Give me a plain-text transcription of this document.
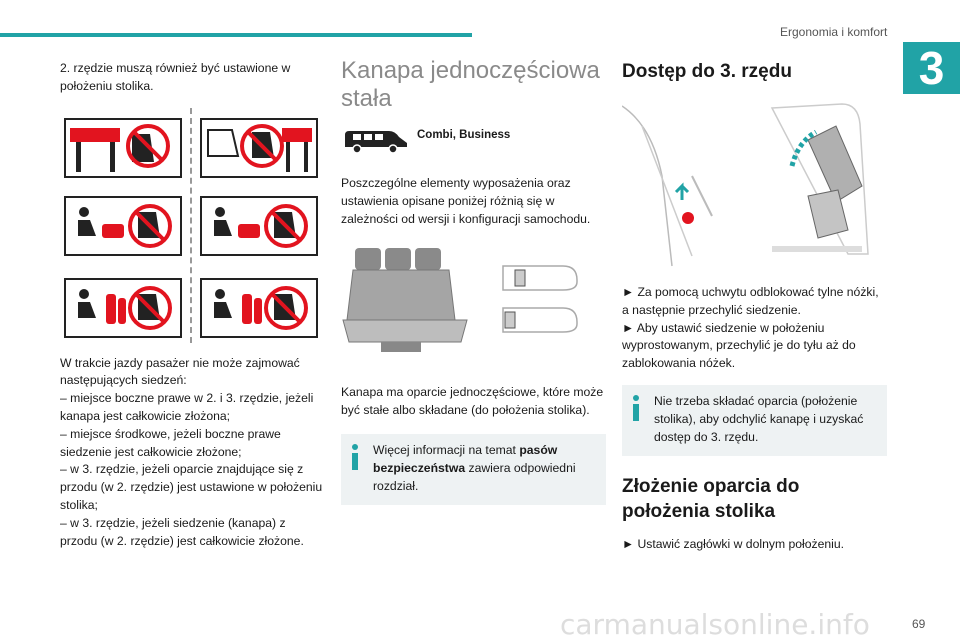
Ergonomia i komfort
3

2. rzędzie muszą również być ustawione w położeniu stolika.

W trakcie jazdy pasażer nie może zajmować następujących siedzeń:

– miejsce boczne prawe w 2. i 3. rzędzie, jeżeli kanapa jest całkowicie złożona;

– miejsce środkowe, jeżeli boczne prawe siedzenie jest całkowicie złożone;

– w 3. rzędzie, jeżeli oparcie znajdujące się z przodu (w 2. rzędzie) jest ustawione w położeniu stolika;

– w 3. rzędzie, jeżeli siedzenie (kanapa) z przodu (w 2. rzędzie) jest całkowicie złożone.

Kanapa jednoczęściowa stała
Combi, Business

Poszczególne elementy wyposażenia oraz ustawienia opisane poniżej różnią się w zależności od wersji i konfiguracji samochodu.

Kanapa ma oparcie jednoczęściowe, które może być stałe albo składane (do położenia stolika).

Więcej informacji na temat pasów bezpieczeństwa zawiera odpowiedni rozdział.
Dostęp do 3. rzędu

► Za pomocą uchwytu odblokować tylne nóżki, a następnie przechylić siedzenie.

► Aby ustawić siedzenie w położeniu wyprostowanym, przechylić je do tyłu aż do zablokowania nóżek.

Nie trzeba składać oparcia (położenie stolika), aby odchylić kanapę i uzyskać dostęp do 3. rzędu.
Złożenie oparcia do położenia stolika

► Ustawić zagłówki w dolnym położeniu.

carmanualsonline.info	69
